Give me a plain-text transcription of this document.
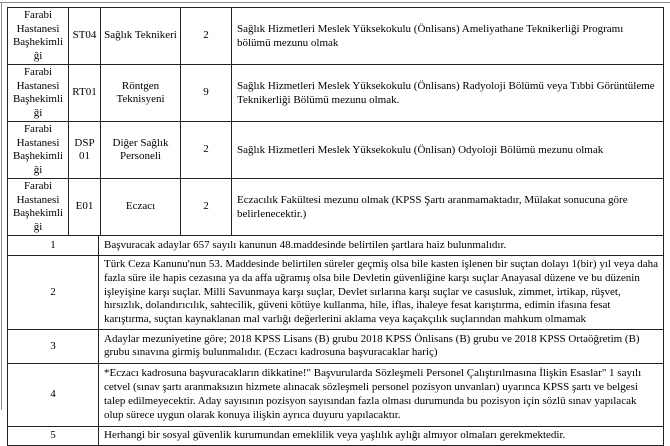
Farabi Hastanesi Başhekimliği	ST04	Sağlık Teknikeri	2	Sağlık Hizmetleri Meslek Yüksekokulu (Önlisans) Ameliyathane Teknikerliği Programı bölümü mezunu olmak
Farabi Hastanesi Başhekimliği	RT01	Röntgen Teknisyeni	9	Sağlık Hizmetleri Meslek Yüksekokulu (Önlisans) Radyoloji Bölümü veya Tıbbi Görüntüleme Teknikerliği Bölümü mezunu olmak.
Farabi Hastanesi Başhekimliği	DSP01	Diğer Sağlık Personeli	2	Sağlık Hizmetleri Meslek Yüksekokulu (Önlisan) Odyoloji Bölümü mezunu olmak
Farabi Hastanesi Başhekimliği	E01	Eczacı	2	Eczacılık Fakültesi mezunu olmak (KPSS Şartı aranmamaktadır, Mülakat sonucuna göre belirlenecektir.)
1	Başvuracak adaylar 657 sayılı kanunun 48.maddesinde belirtilen şartlara haiz bulunmalıdır.
2	Türk Ceza Kanunu'nun 53. Maddesinde belirtilen süreler geçmiş olsa bile kasten işlenen bir suçtan dolayı 1(bir) yıl veya daha fazla süre ile hapis cezasına ya da affa uğramış olsa bile Devletin güvenliğine karşı suçlar Anayasal düzene ve bu düzenin işleyişine karşı suçlar. Milli Savunmaya karşı suçlar, Devlet sırlarına karşı suçlar ve casusluk, zimmet, irtikap, rüşvet, hırsızlık, dolandırıcılık, sahtecilik, güveni kötüye kullanma, hile, iflas, ihaleye fesat karıştırma, edimin ifasına fesat karıştırma, suçtan kaynaklanan mal varlığı değerlerini aklama veya kaçakçılık suçlarından mahkum olmamak
3	Adaylar mezuniyetine göre; 2018 KPSS Lisans (B) grubu 2018 KPSS Önlisans (B) grubu ve 2018 KPSS Ortaöğretim (B) grubu sınavına girmiş bulunmalıdır. (Eczacı kadrosuna başvuracaklar hariç)
4	*Eczacı kadrosuna başvuracakların dikkatine!" Başvurularda Sözleşmeli Personel Çalıştırılmasına İlişkin Esaslar" 1 sayılı cetvel (sınav şartı aranmaksızın hizmete alınacak sözleşmeli personel pozisyon unvanları) uyarınca KPSS şartı ve belgesi talep edilmeyecektir. Aday sayısının pozisyon sayısından fazla olması durumunda bu pozisyon için sözlü sınav yapılacak olup sürece uygun olarak konuya ilişkin ayrıca duyuru yapılacaktır.
5	Herhangi bir sosyal güvenlik kurumundan emeklilik veya yaşlılık aylığı almıyor olmaları gerekmektedir.
